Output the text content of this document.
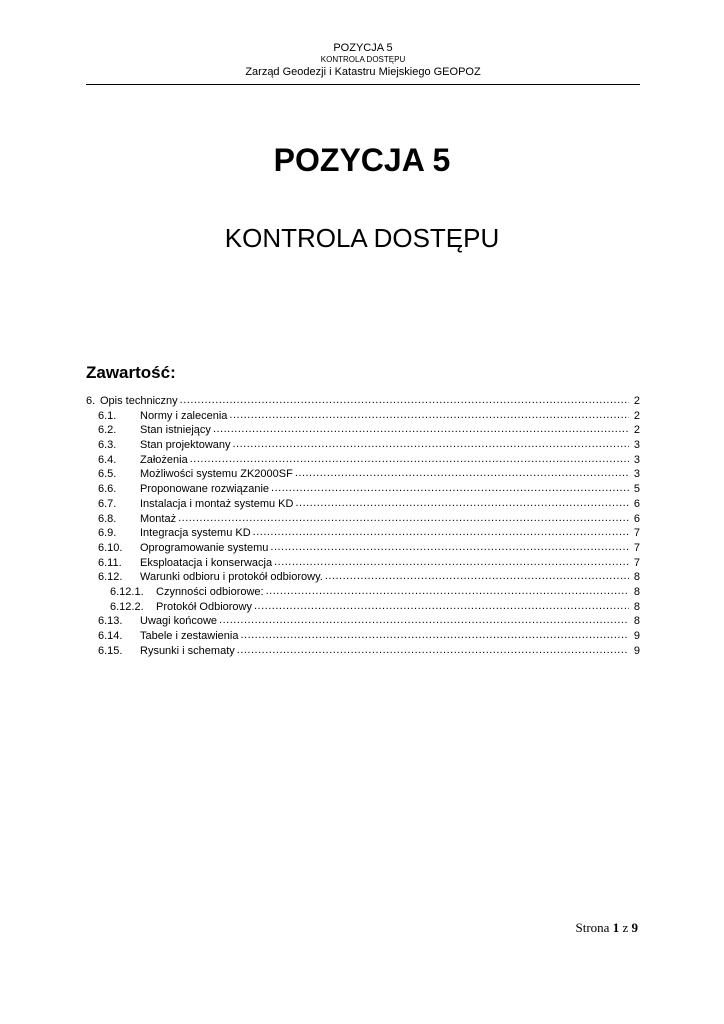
POZYCJA 5
KONTROLA DOSTĘPU
Zarząd Geodezji i Katastru Miejskiego GEOPOZ
POZYCJA 5
KONTROLA DOSTĘPU
Zawartość:
6. Opis techniczny .....	2
6.1.	Normy i zalecenia .....	2
6.2.	Stan istniejący .....	2
6.3.	Stan projektowany .....	3
6.4.	Założenia .....	3
6.5.	Możliwości systemu ZK2000SF .....	3
6.6.	Proponowane rozwiązanie .....	5
6.7.	Instalacja i montaż systemu KD .....	6
6.8.	Montaż .....	6
6.9.	Integracja systemu KD .....	7
6.10.	Oprogramowanie systemu .....	7
6.11.	Eksploatacja i konserwacja .....	7
6.12.	Warunki odbioru i protokół odbiorowy. .....	8
6.12.1.	Czynności odbiorowe: .....	8
6.12.2.	Protokół Odbiorowy .....	8
6.13.	Uwagi końcowe .....	8
6.14.	Tabele i zestawienia .....	9
6.15.	Rysunki i schematy .....	9
Strona 1 z 9
